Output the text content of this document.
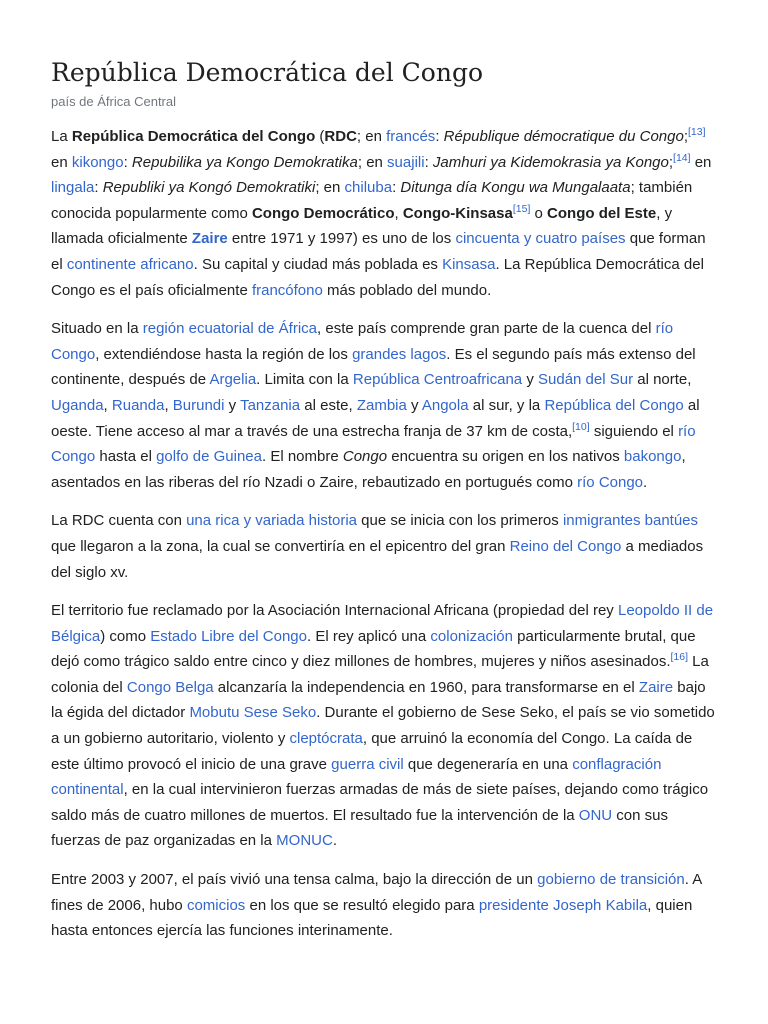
República Democrática del Congo
país de África Central

La República Democrática del Congo (RDC; en francés: République démocratique du Congo;[13] en kikongo: Repubilika ya Kongo Demokratika; en suajili: Jamhuri ya Kidemokrasia ya Kongo;[14] en lingala: Republiki ya Kongó Demokratiki; en chiluba: Ditunga día Kongu wa Mungalaata; también conocida popularmente como Congo Democrático, Congo-Kinsasa[15] o Congo del Este, y llamada oficialmente Zaire entre 1971 y 1997) es uno de los cincuenta y cuatro países que forman el continente africano. Su capital y ciudad más poblada es Kinsasa. La República Democrática del Congo es el país oficialmente francófono más poblado del mundo.

Situado en la región ecuatorial de África, este país comprende gran parte de la cuenca del río Congo, extendiéndose hasta la región de los grandes lagos. Es el segundo país más extenso del continente, después de Argelia. Limita con la República Centroafricana y Sudán del Sur al norte, Uganda, Ruanda, Burundi y Tanzania al este, Zambia y Angola al sur, y la República del Congo al oeste. Tiene acceso al mar a través de una estrecha franja de 37 km de costa,[10] siguiendo el río Congo hasta el golfo de Guinea. El nombre Congo encuentra su origen en los nativos bakongo, asentados en las riberas del río Nzadi o Zaire, rebautizado en portugués como río Congo.

La RDC cuenta con una rica y variada historia que se inicia con los primeros inmigrantes bantúes que llegaron a la zona, la cual se convertiría en el epicentro del gran Reino del Congo a mediados del siglo xv.

El territorio fue reclamado por la Asociación Internacional Africana (propiedad del rey Leopoldo II de Bélgica) como Estado Libre del Congo. El rey aplicó una colonización particularmente brutal, que dejó como trágico saldo entre cinco y diez millones de hombres, mujeres y niños asesinados.[16] La colonia del Congo Belga alcanzaría la independencia en 1960, para transformarse en el Zaire bajo la égida del dictador Mobutu Sese Seko. Durante el gobierno de Sese Seko, el país se vio sometido a un gobierno autoritario, violento y cleptócrata, que arruinó la economía del Congo. La caída de este último provocó el inicio de una grave guerra civil que degeneraría en una conflagración continental, en la cual intervinieron fuerzas armadas de más de siete países, dejando como trágico saldo más de cuatro millones de muertos. El resultado fue la intervención de la ONU con sus fuerzas de paz organizadas en la MONUC.

Entre 2003 y 2007, el país vivió una tensa calma, bajo la dirección de un gobierno de transición. A fines de 2006, hubo comicios en los que se resultó elegido para presidente Joseph Kabila, quien hasta entonces ejercía las funciones interinamente.
